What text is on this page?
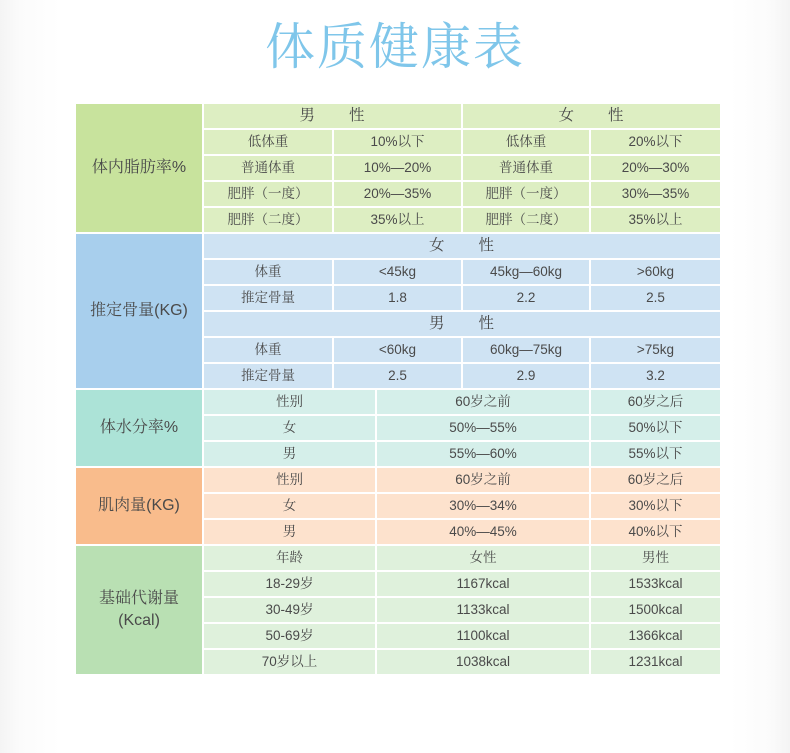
体质健康表
体内脂肪率%	男　　性			女　　性	
	低体重	10%以下		低体重	20%以下
	普通体重	10%—20%		普通体重	20%—30%
	肥胖（一度）	20%—35%		肥胖（一度）	30%—35%
	肥胖（二度）	35%以上		肥胖（二度）	35%以上
推定骨量(KG)	女　　性				
	体重	<45kg		45kg—60kg	>60kg
	推定骨量	1.8		2.2	2.5
	男　　性				
	体重	<60kg		60kg—75kg	>75kg
	推定骨量	2.5		2.9	3.2
体水分率%	性别		60岁之前		60岁之后
	女		50%—55%		50%以下
	男		55%—60%		55%以下
肌肉量(KG)	性别		60岁之前		60岁之后
	女		30%—34%		30%以下
	男		40%—45%		40%以下
基础代谢量
(Kcal)	年龄		女性		男性
	18-29岁		1167kcal		1533kcal
	30-49岁		1133kcal		1500kcal
	50-69岁		1100kcal		1366kcal
	70岁以上		1038kcal		1231kcal
